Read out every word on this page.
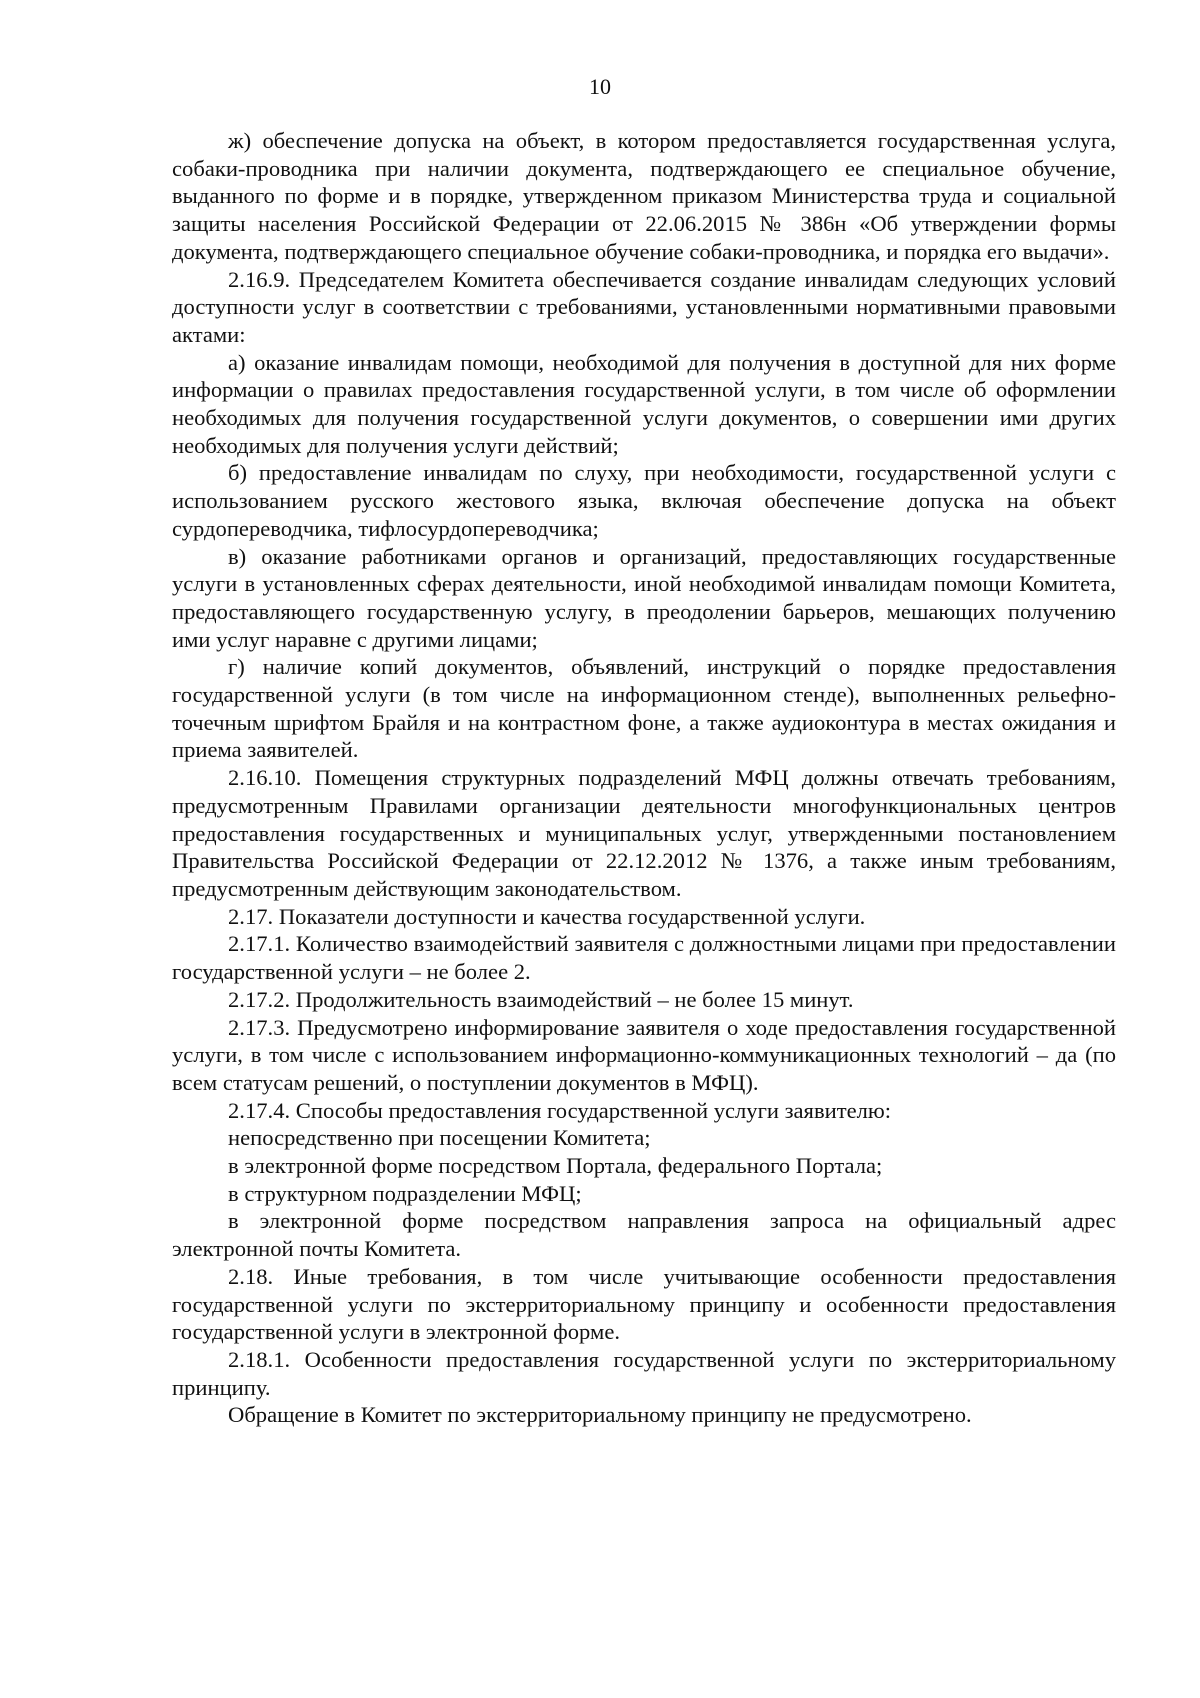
10

ж) обеспечение допуска на объект, в котором предоставляется государственная услуга, собаки-проводника при наличии документа, подтверждающего ее специальное обучение, выданного по форме и в порядке, утвержденном приказом Министерства труда и социальной защиты населения Российской Федерации от 22.06.2015 № 386н «Об утверждении формы документа, подтверждающего специальное обучение собаки-проводника, и порядка его выдачи».

2.16.9. Председателем Комитета обеспечивается создание инвалидам следующих условий доступности услуг в соответствии с требованиями, установленными нормативными правовыми актами:

а) оказание инвалидам помощи, необходимой для получения в доступной для них форме информации о правилах предоставления государственной услуги, в том числе об оформлении необходимых для получения государственной услуги документов, о совершении ими других необходимых для получения услуги действий;

б) предоставление инвалидам по слуху, при необходимости, государственной услуги с использованием русского жестового языка, включая обеспечение допуска на объект сурдопереводчика, тифлосурдопереводчика;

в) оказание работниками органов и организаций, предоставляющих государственные услуги в установленных сферах деятельности, иной необходимой инвалидам помощи Комитета, предоставляющего государственную услугу, в преодолении барьеров, мешающих получению ими услуг наравне с другими лицами;

г) наличие копий документов, объявлений, инструкций о порядке предоставления государственной услуги (в том числе на информационном стенде), выполненных рельефно-точечным шрифтом Брайля и на контрастном фоне, а также аудиоконтура в местах ожидания и приема заявителей.

2.16.10. Помещения структурных подразделений МФЦ должны отвечать требованиям, предусмотренным Правилами организации деятельности многофункциональных центров предоставления государственных и муниципальных услуг, утвержденными постановлением Правительства Российской Федерации от 22.12.2012 № 1376, а также иным требованиям, предусмотренным действующим законодательством.

2.17. Показатели доступности и качества государственной услуги.

2.17.1. Количество взаимодействий заявителя с должностными лицами при предоставлении государственной услуги – не более 2.

2.17.2. Продолжительность взаимодействий – не более 15 минут.

2.17.3. Предусмотрено информирование заявителя о ходе предоставления государственной услуги, в том числе с использованием информационно-коммуникационных технологий – да (по всем статусам решений, о поступлении документов в МФЦ).

2.17.4. Способы предоставления государственной услуги заявителю:

непосредственно при посещении Комитета;

в электронной форме посредством Портала, федерального Портала;

в структурном подразделении МФЦ;

в электронной форме посредством направления запроса на официальный адрес электронной почты Комитета.

2.18. Иные требования, в том числе учитывающие особенности предоставления государственной услуги по экстерриториальному принципу и особенности предоставления государственной услуги в электронной форме.

2.18.1. Особенности предоставления государственной услуги по экстерриториальному принципу.

Обращение в Комитет по экстерриториальному принципу не предусмотрено.
